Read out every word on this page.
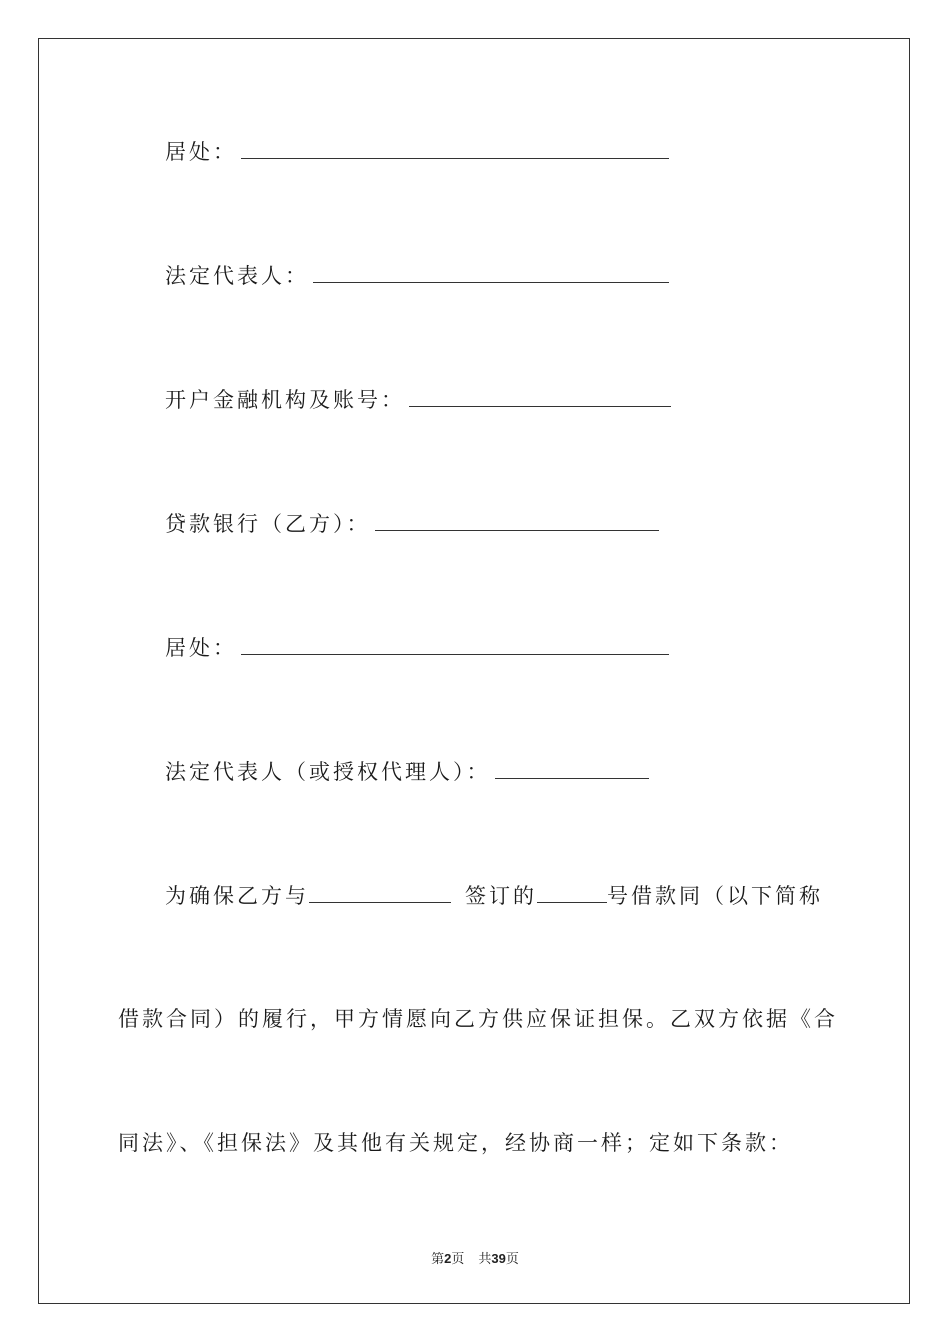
居处：
法定代表人：
开户金融机构及账号：
贷款银行（乙方）：
居处：
法定代表人（或授权代理人）：
为确保乙方与	签订的	号借款同（以下简称
借款合同）的履行，甲方情愿向乙方供应保证担保。乙双方依据《合
同法》、《担保法》及其他有关规定，经协商一样；定如下条款：
第2页 共39页
